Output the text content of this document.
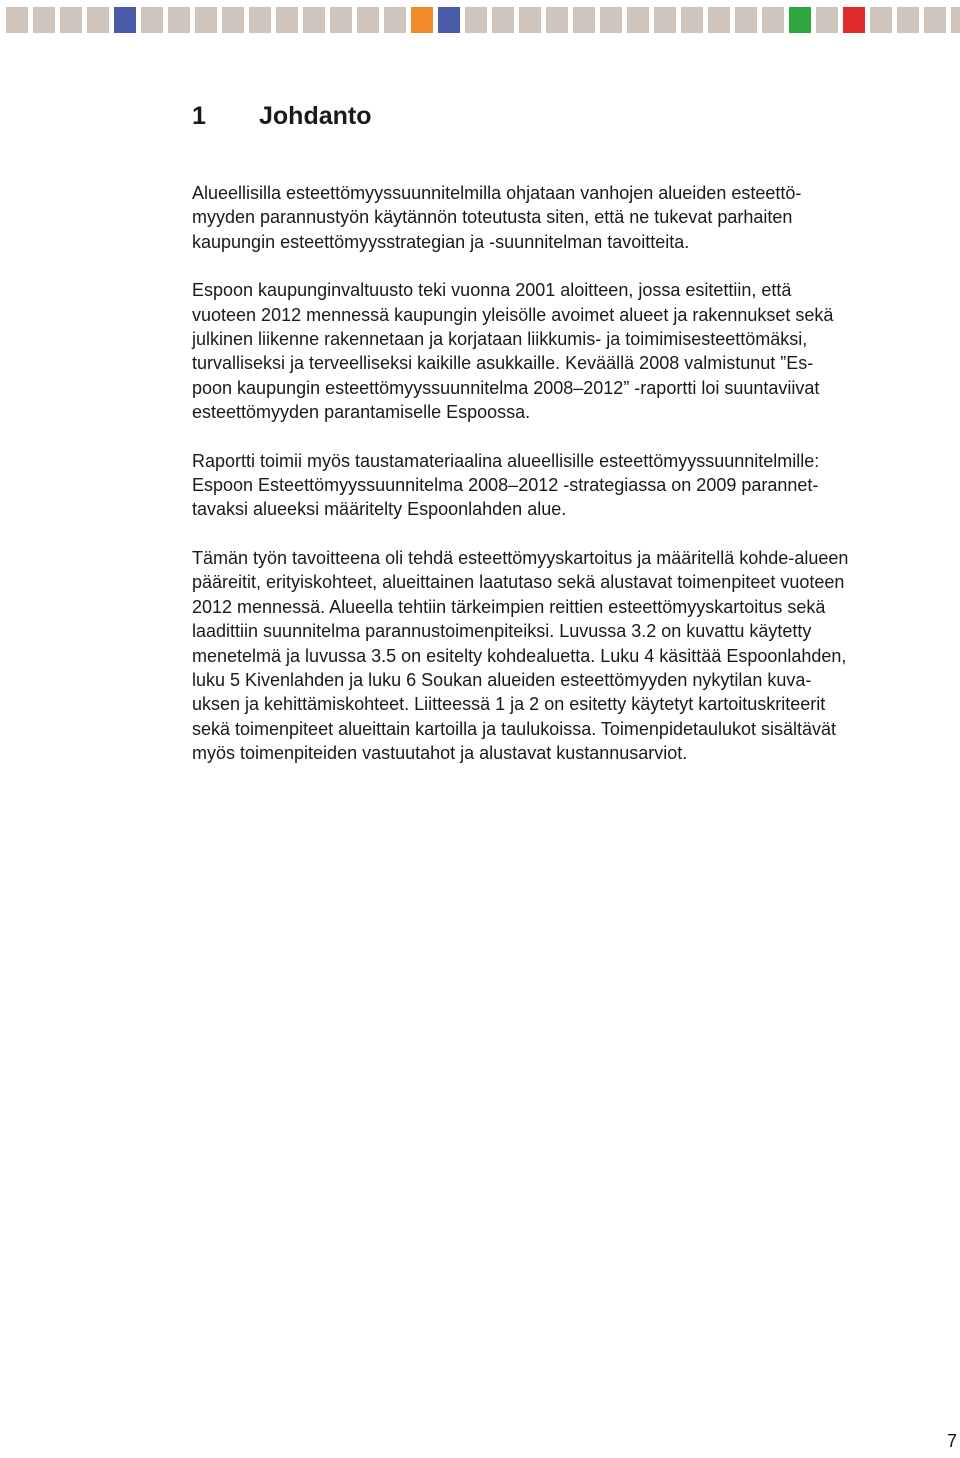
1 Johdanto

Alueellisilla esteettömyyssuunnitelmilla ohjataan vanhojen alueiden esteettö-
myyden parannustyön käytännön toteutusta siten, että ne tukevat parhaiten
kaupungin esteettömyysstrategian ja -suunnitelman tavoitteita.

Espoon kaupunginvaltuusto teki vuonna 2001 aloitteen, jossa esitettiin, että
vuoteen 2012 mennessä kaupungin yleisölle avoimet alueet ja rakennukset sekä
julkinen liikenne rakennetaan ja korjataan liikkumis- ja toimimisesteettömäksi,
turvalliseksi ja terveelliseksi kaikille asukkaille. Keväällä 2008 valmistunut ”Es-
poon kaupungin esteettömyyssuunnitelma 2008–2012” -raportti loi suuntaviivat
esteettömyyden parantamiselle Espoossa.

Raportti toimii myös taustamateriaalina alueellisille esteettömyyssuunnitelmille:
Espoon Esteettömyyssuunnitelma 2008–2012 -strategiassa on 2009 parannet-
tavaksi alueeksi määritelty Espoonlahden alue.

Tämän työn tavoitteena oli tehdä esteettömyyskartoitus ja määritellä kohde-alueen
pääreitit, erityiskohteet, alueittainen laatutaso sekä alustavat toimenpiteet vuoteen
2012 mennessä. Alueella tehtiin tärkeimpien reittien esteettömyyskartoitus sekä
laadittiin suunnitelma parannustoimenpiteiksi. Luvussa 3.2 on kuvattu käytetty
menetelmä ja luvussa 3.5 on esitelty kohdealuetta. Luku 4 käsittää Espoonlahden,
luku 5 Kivenlahden ja luku 6 Soukan alueiden esteettömyyden nykytilan kuva-
uksen ja kehittämiskohteet. Liitteessä 1 ja 2 on esitetty käytetyt kartoituskriteerit
sekä toimenpiteet alueittain kartoilla ja taulukoissa. Toimenpidetaulukot sisältävät
myös toimenpiteiden vastuutahot ja alustavat kustannusarviot.

7
